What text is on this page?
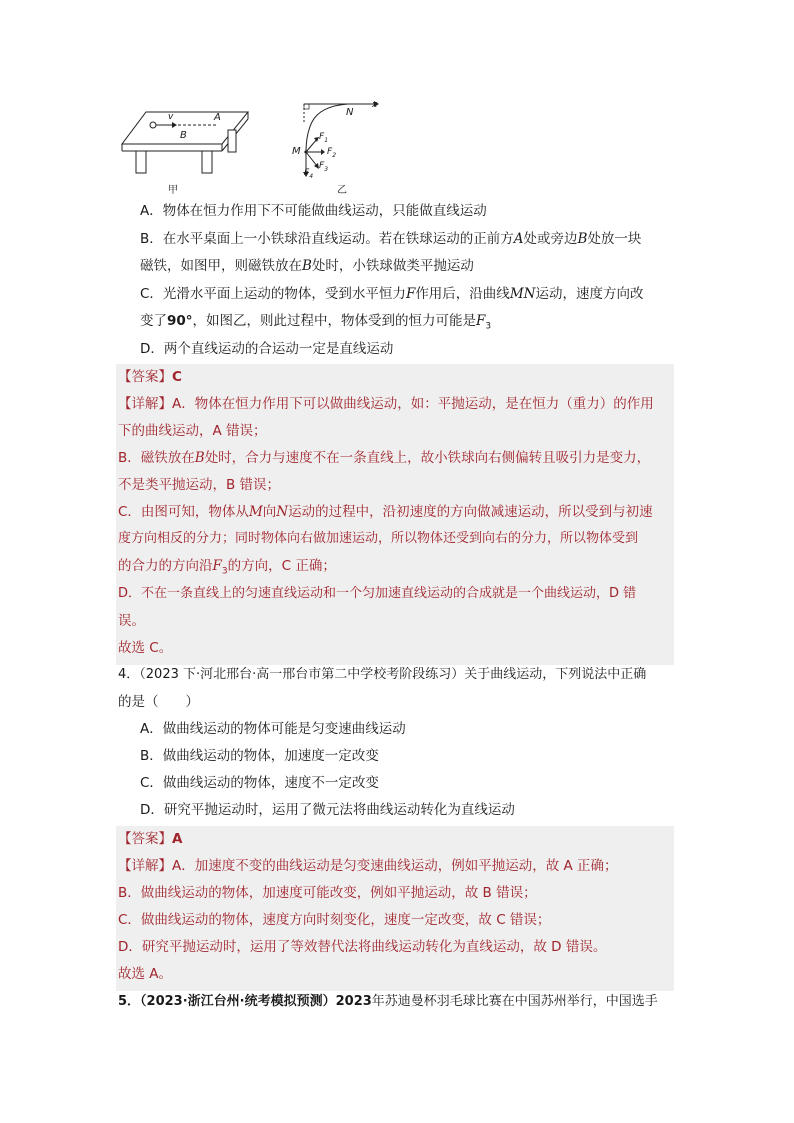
v	A
B
甲
N
x
M
$F_1$
$F_2$
$F_3$
$F_4$
乙
A．物体在恒力作用下不可能做曲线运动，只能做直线运动
B．在水平桌面上一小铁球沿直线运动。若在铁球运动的正前方A处或旁边B处放一块
磁铁，如图甲，则磁铁放在B处时，小铁球做类平抛运动
C．光滑水平面上运动的物体，受到水平恒力F作用后，沿曲线MN运动，速度方向改
变了90°，如图乙，则此过程中，物体受到的恒力可能是$F_3$
D．两个直线运动的合运动一定是直线运动
【答案】C
【详解】A．物体在恒力作用下可以做曲线运动，如：平抛运动，是在恒力（重力）的作用
下的曲线运动，A 错误；
B．磁铁放在B处时，合力与速度不在一条直线上，故小铁球向右侧偏转且吸引力是变力，
不是类平抛运动，B 错误；
C．由图可知，物体从M向N运动的过程中，沿初速度的方向做减速运动，所以受到与初速
度方向相反的分力；同时物体向右做加速运动，所以物体还受到向右的分力，所以物体受到
的合力的方向沿$F_3$的方向，C 正确；
D．不在一条直线上的匀速直线运动和一个匀加速直线运动的合成就是一个曲线运动，D 错
误。
故选 C。
4．（2023 下·河北邢台·高一邢台市第二中学校考阶段练习）关于曲线运动，下列说法中正确
的是（　　）
A．做曲线运动的物体可能是匀变速曲线运动
B．做曲线运动的物体，加速度一定改变
C．做曲线运动的物体，速度不一定改变
D．研究平抛运动时，运用了微元法将曲线运动转化为直线运动
【答案】A
【详解】A．加速度不变的曲线运动是匀变速曲线运动，例如平抛运动，故 A 正确；
B．做曲线运动的物体，加速度可能改变，例如平抛运动，故 B 错误；
C．做曲线运动的物体，速度方向时刻变化，速度一定改变，故 C 错误；
D．研究平抛运动时，运用了等效替代法将曲线运动转化为直线运动，故 D 错误。
故选 A。
5．（2023·浙江台州·统考模拟预测）2023年苏迪曼杯羽毛球比赛在中国苏州举行，中国选手
